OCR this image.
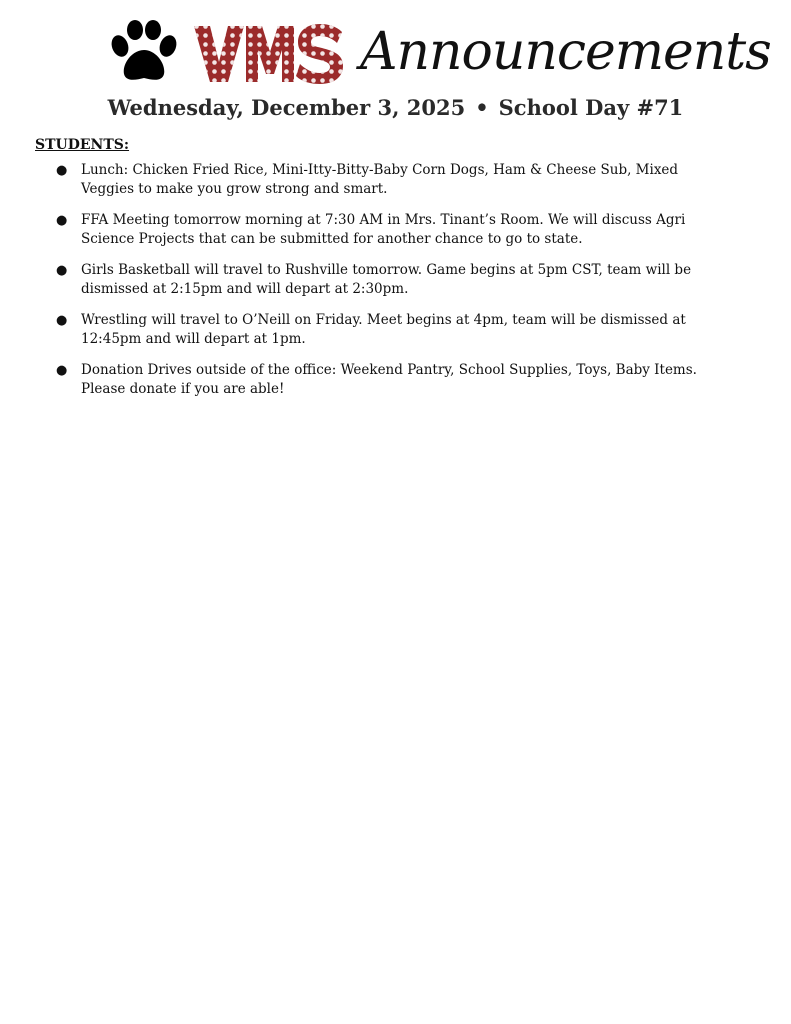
Announcements
Wednesday, December 3, 2025 • School Day #71
STUDENTS:
● Lunch: Chicken Fried Rice, Mini-Itty-Bitty-Baby Corn Dogs, Ham & Cheese Sub, Mixed Veggies to make you grow strong and smart.
● FFA Meeting tomorrow morning at 7:30 AM in Mrs. Tinant’s Room. We will discuss Agri Science Projects that can be submitted for another chance to go to state.
● Girls Basketball will travel to Rushville tomorrow. Game begins at 5pm CST, team will be dismissed at 2:15pm and will depart at 2:30pm.
● Wrestling will travel to O’Neill on Friday. Meet begins at 4pm, team will be dismissed at 12:45pm and will depart at 1pm.
● Donation Drives outside of the office: Weekend Pantry, School Supplies, Toys, Baby Items. Please donate if you are able!
